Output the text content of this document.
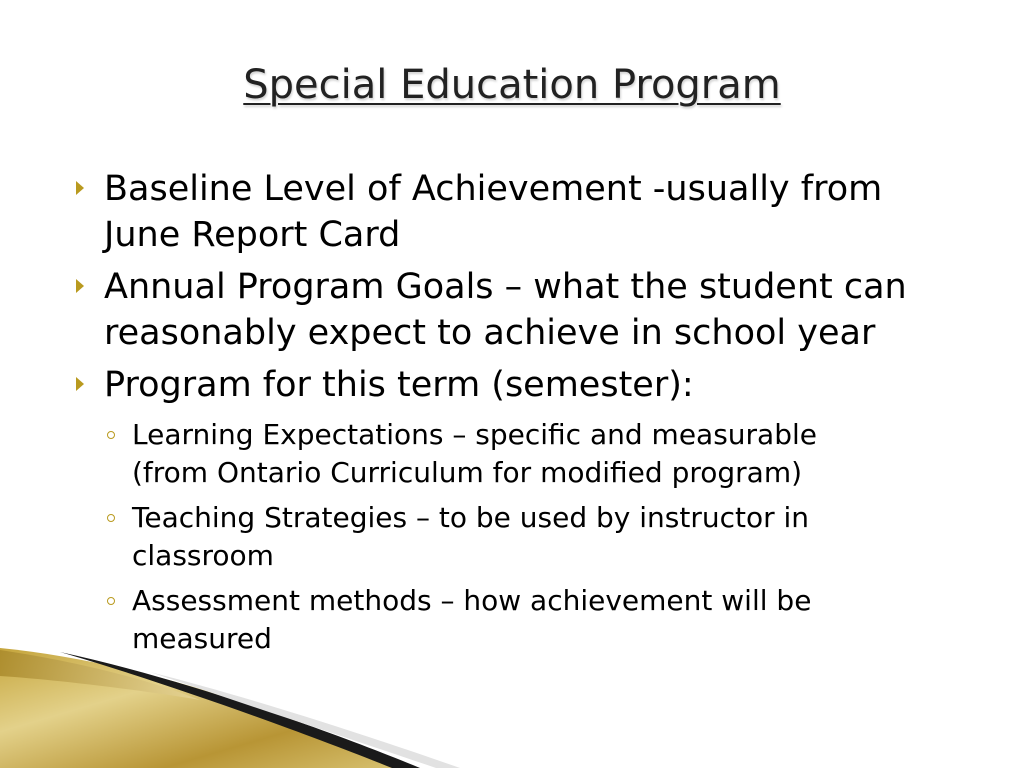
Special Education Program
Baseline Level of Achievement -usually from
June Report Card
Annual Program Goals – what the student can
reasonably expect to achieve in school year
Program for this term (semester):
Learning Expectations – specific and measurable
(from Ontario Curriculum for modified program)
Teaching Strategies – to be used by instructor in
classroom
Assessment methods – how achievement will be
measured
